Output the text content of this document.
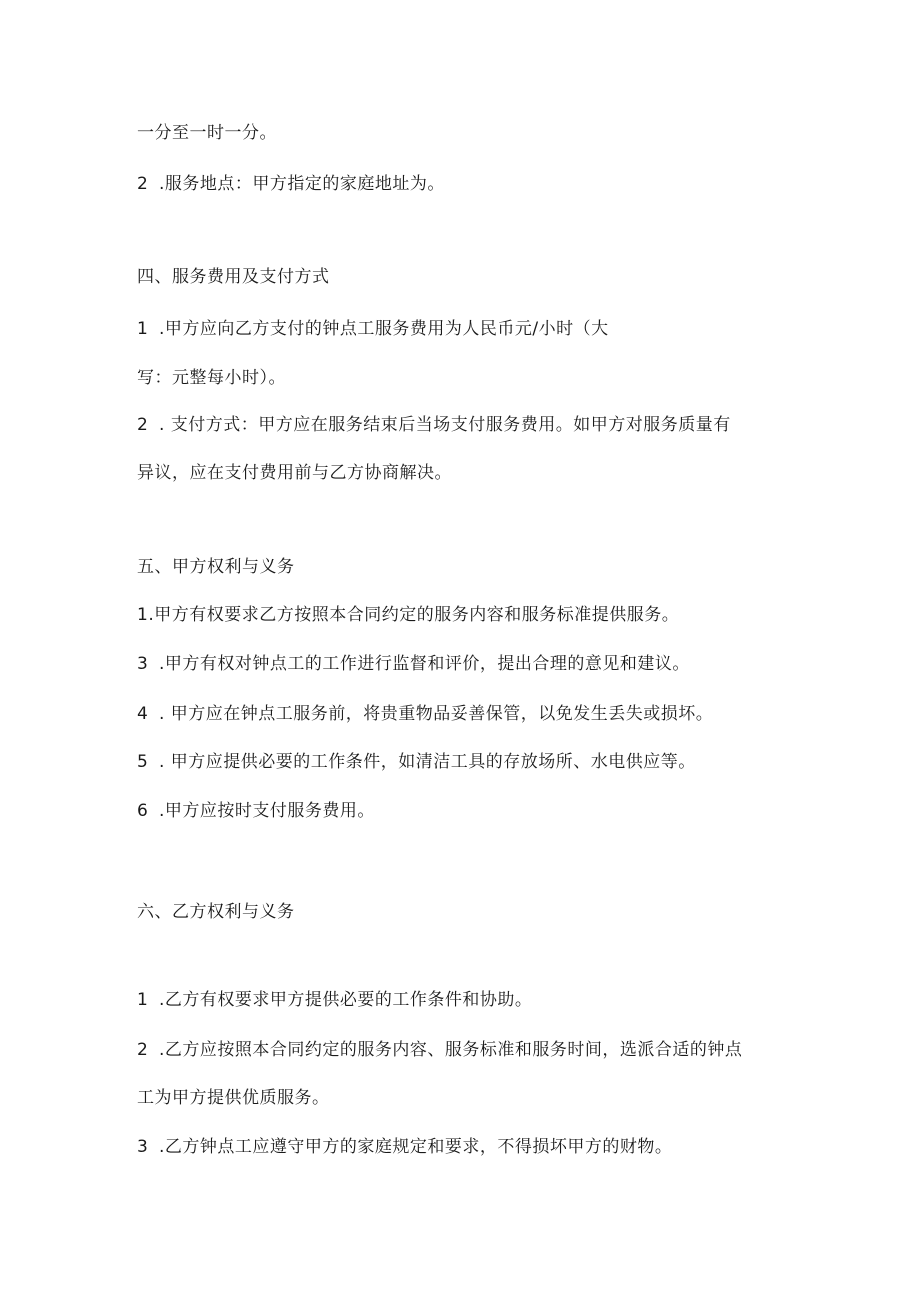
一分至一时一分。
2 .服务地点：甲方指定的家庭地址为。
四、服务费用及支付方式
1 .甲方应向乙方支付的钟点工服务费用为人民币元/小时（大
写：元整每小时）。
2 . 支付方式：甲方应在服务结束后当场支付服务费用。如甲方对服务质量有
异议，应在支付费用前与乙方协商解决。
五、甲方权利与义务
1.甲方有权要求乙方按照本合同约定的服务内容和服务标准提供服务。
3 .甲方有权对钟点工的工作进行监督和评价，提出合理的意见和建议。
4 . 甲方应在钟点工服务前，将贵重物品妥善保管，以免发生丢失或损坏。
5 . 甲方应提供必要的工作条件，如清洁工具的存放场所、水电供应等。
6 .甲方应按时支付服务费用。
六、乙方权利与义务
1 .乙方有权要求甲方提供必要的工作条件和协助。
2 .乙方应按照本合同约定的服务内容、服务标准和服务时间，选派合适的钟点
工为甲方提供优质服务。
3 .乙方钟点工应遵守甲方的家庭规定和要求，不得损坏甲方的财物。
